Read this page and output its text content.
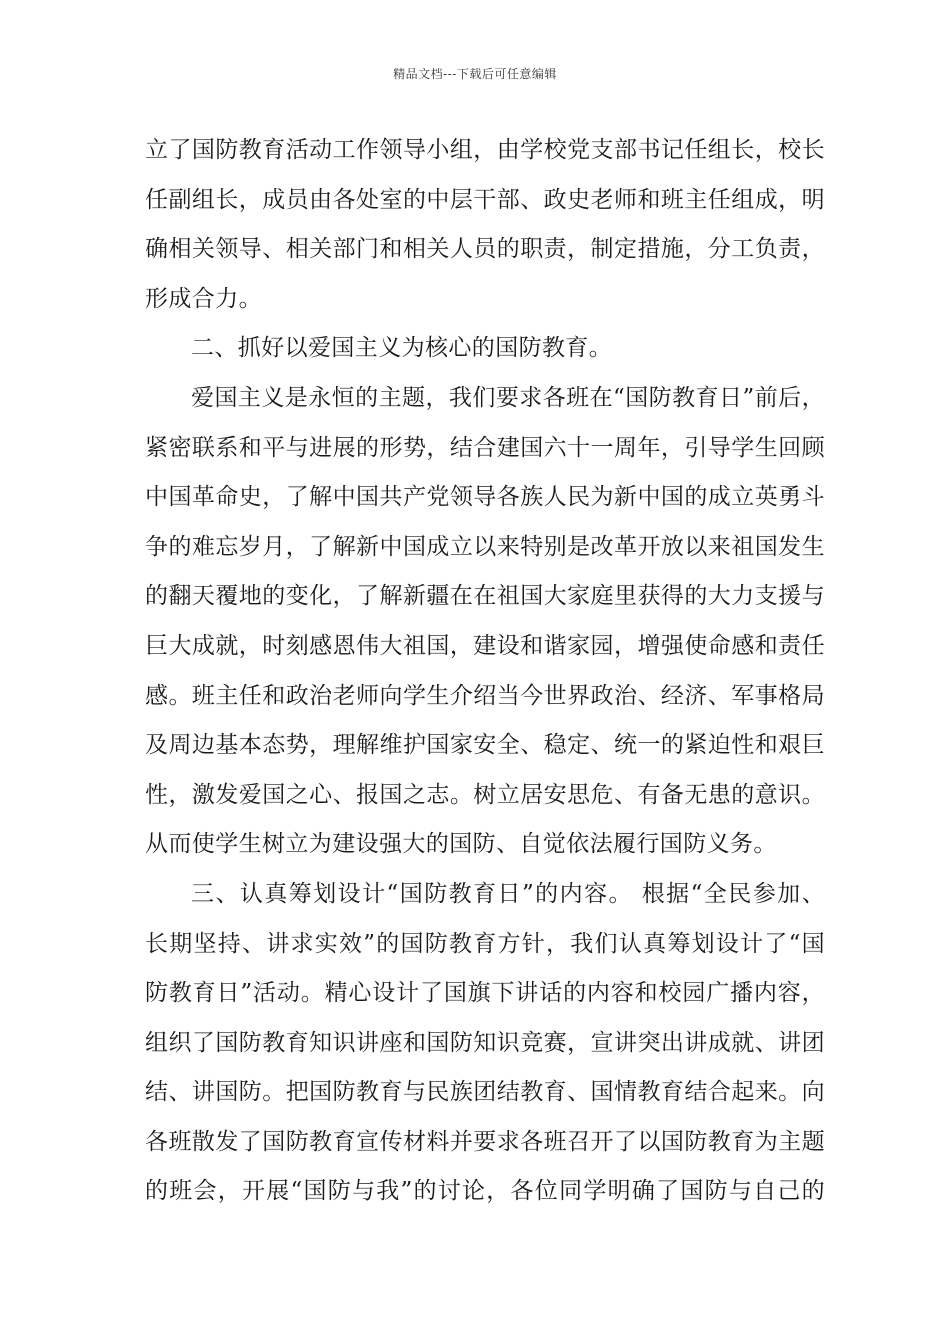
精品文档---下载后可任意编辑
立了国防教育活动工作领导小组，由学校党支部书记任组长，校长
任副组长，成员由各处室的中层干部、政史老师和班主任组成，明
确相关领导、相关部门和相关人员的职责，制定措施，分工负责，
形成合力。
二、抓好以爱国主义为核心的国防教育。
爱国主义是永恒的主题，我们要求各班在“国防教育日”前后，
紧密联系和平与进展的形势，结合建国六十一周年，引导学生回顾
中国革命史，了解中国共产党领导各族人民为新中国的成立英勇斗
争的难忘岁月，了解新中国成立以来特别是改革开放以来祖国发生
的翻天覆地的变化，了解新疆在在祖国大家庭里获得的大力支援与
巨大成就，时刻感恩伟大祖国，建设和谐家园，增强使命感和责任
感。班主任和政治老师向学生介绍当今世界政治、经济、军事格局
及周边基本态势，理解维护国家安全、稳定、统一的紧迫性和艰巨
性，激发爱国之心、报国之志。树立居安思危、有备无患的意识。
从而使学生树立为建设强大的国防、自觉依法履行国防义务。
三、认真筹划设计“国防教育日”的内容。 根据“全民参加、
长期坚持、讲求实效”的国防教育方针，我们认真筹划设计了“国
防教育日”活动。精心设计了国旗下讲话的内容和校园广播内容，
组织了国防教育知识讲座和国防知识竞赛，宣讲突出讲成就、讲团
结、讲国防。把国防教育与民族团结教育、国情教育结合起来。向
各班散发了国防教育宣传材料并要求各班召开了以国防教育为主题
的班会，开展“国防与我”的讨论，各位同学明确了国防与自己的
